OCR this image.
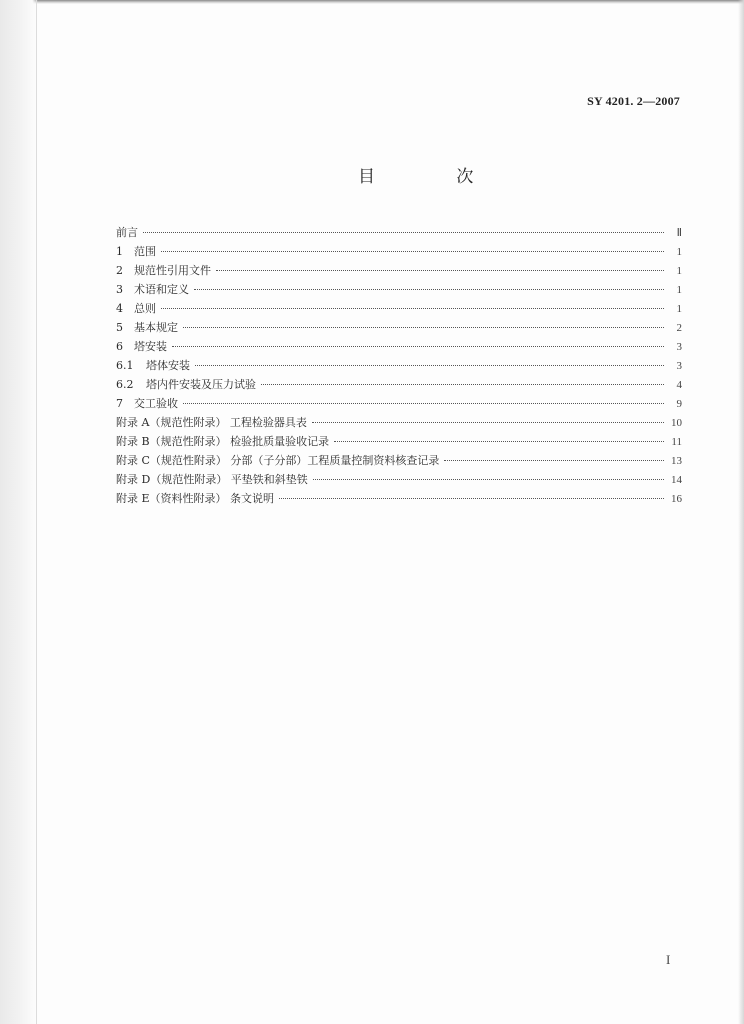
SY 4201. 2—2007
目 次
前言	Ⅱ
1	范围	1
2	规范性引用文件	1
3	术语和定义	1
4	总则	1
5	基本规定	2
6	塔安装	3
6.1	塔体安装	3
6.2	塔内件安装及压力试验	4
7	交工验收	9
附录 A（规范性附录） 工程检验器具表	10
附录 B（规范性附录） 检验批质量验收记录	11
附录 C（规范性附录） 分部（子分部）工程质量控制资料核查记录	13
附录 D（规范性附录） 平垫铁和斜垫铁	14
附录 E（资料性附录） 条文说明	16
I
